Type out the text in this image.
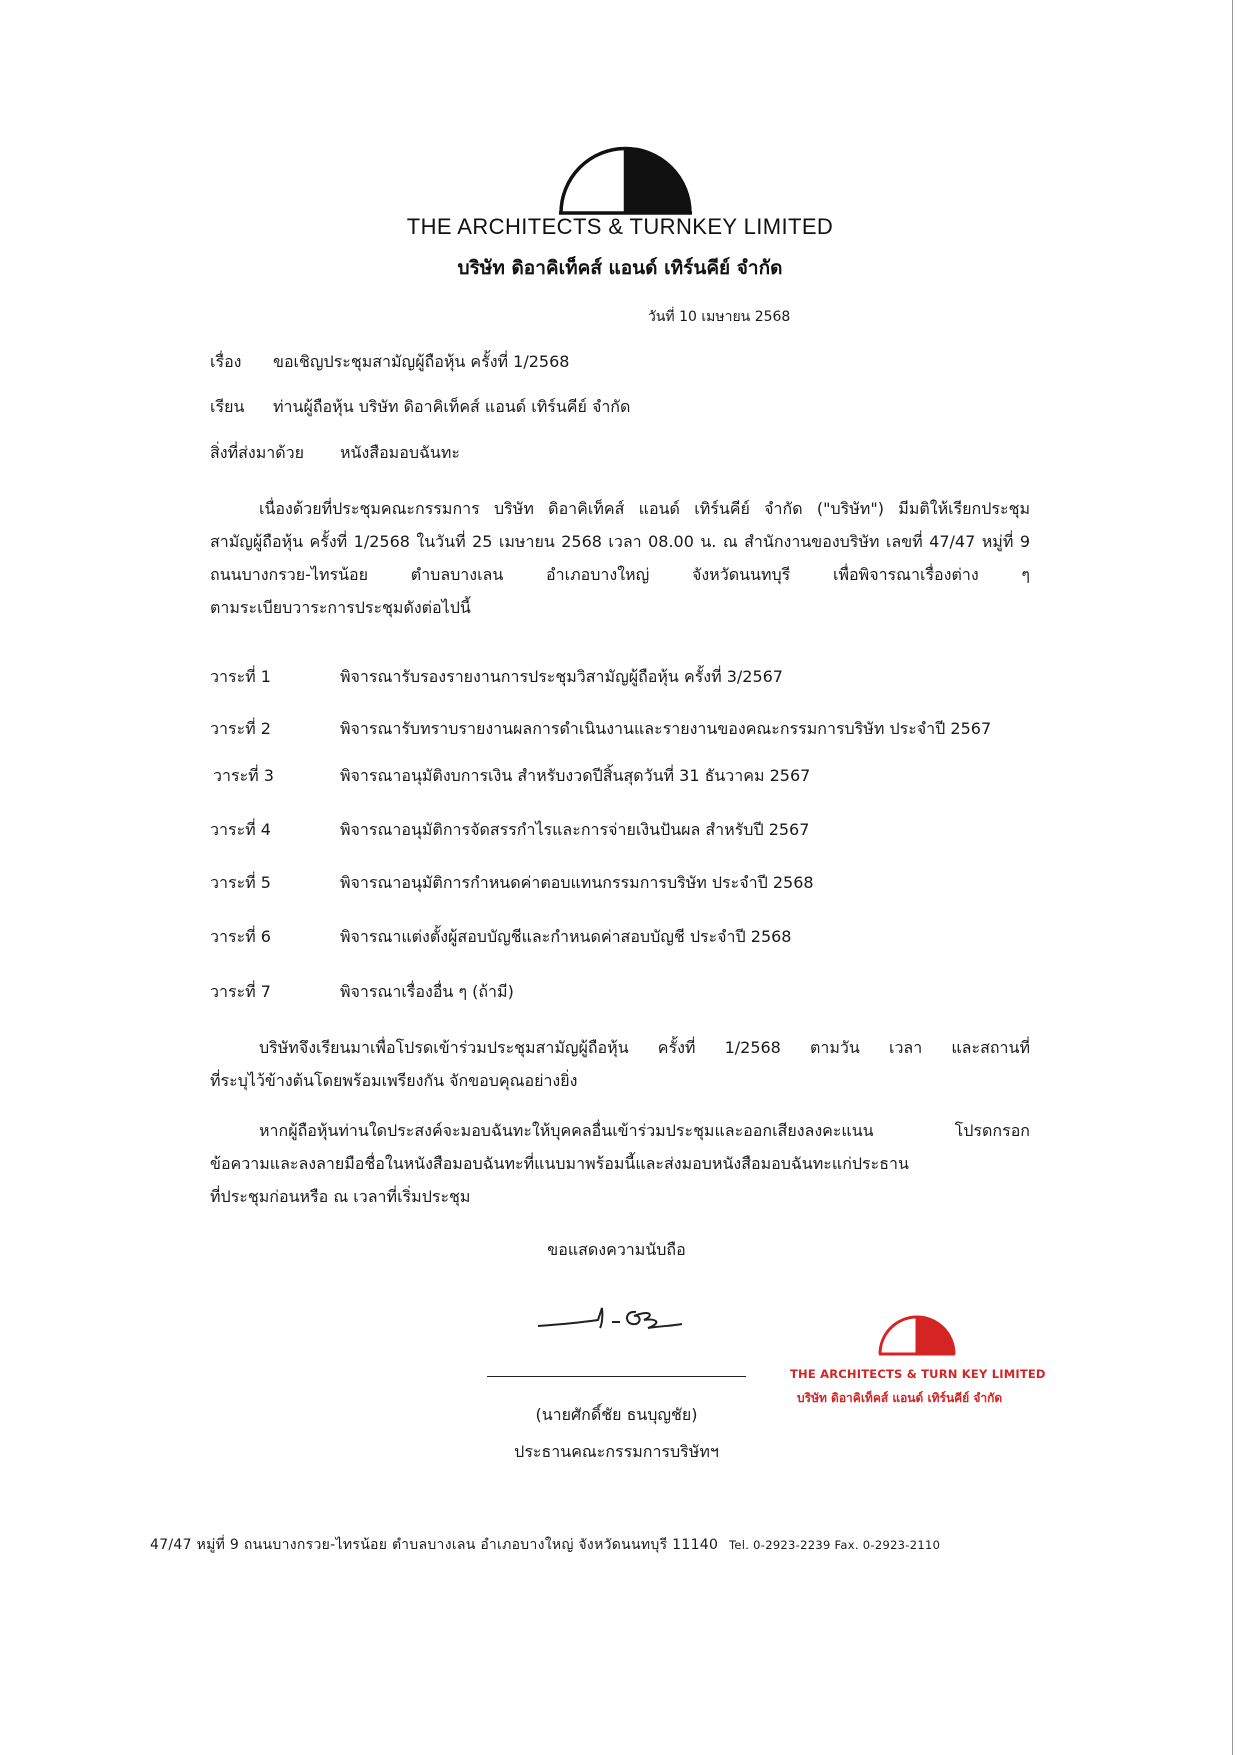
THE ARCHITECTS & TURNKEY LIMITED
บริษัท ดิอาคิเท็คส์ แอนด์ เทิร์นคีย์ จำกัด
วันที่ 10 เมษายน 2568
เรื่อง ขอเชิญประชุมสามัญผู้ถือหุ้น ครั้งที่ 1/2568
เรียน ท่านผู้ถือหุ้น บริษัท ดิอาคิเท็คส์ แอนด์ เทิร์นคีย์ จำกัด
สิ่งที่ส่งมาด้วย หนังสือมอบฉันทะ
เนื่องด้วยที่ประชุมคณะกรรมการ บริษัท ดิอาคิเท็คส์ แอนด์ เทิร์นคีย์ จำกัด ("บริษัท") มีมติให้เรียกประชุม
สามัญผู้ถือหุ้น ครั้งที่ 1/2568 ในวันที่ 25 เมษายน 2568 เวลา 08.00 น. ณ สำนักงานของบริษัท เลขที่ 47/47 หมู่ที่ 9
ถนนบางกรวย-ไทรน้อย ตำบลบางเลน อำเภอบางใหญ่ จังหวัดนนทบุรี เพื่อพิจารณาเรื่องต่าง ๆ
ตามระเบียบวาระการประชุมดังต่อไปนี้
วาระที่ 1	พิจารณารับรองรายงานการประชุมวิสามัญผู้ถือหุ้น ครั้งที่ 3/2567
วาระที่ 2	พิจารณารับทราบรายงานผลการดำเนินงานและรายงานของคณะกรรมการบริษัท ประจำปี 2567
วาระที่ 3	พิจารณาอนุมัติงบการเงิน สำหรับงวดปีสิ้นสุดวันที่ 31 ธันวาคม 2567
วาระที่ 4	พิจารณาอนุมัติการจัดสรรกำไรและการจ่ายเงินปันผล สำหรับปี 2567
วาระที่ 5	พิจารณาอนุมัติการกำหนดค่าตอบแทนกรรมการบริษัท ประจำปี 2568
วาระที่ 6	พิจารณาแต่งตั้งผู้สอบบัญชีและกำหนดค่าสอบบัญชี ประจำปี 2568
วาระที่ 7	พิจารณาเรื่องอื่น ๆ (ถ้ามี)
บริษัทจึงเรียนมาเพื่อโปรดเข้าร่วมประชุมสามัญผู้ถือหุ้น ครั้งที่ 1/2568 ตามวัน เวลา และสถานที่
ที่ระบุไว้ข้างต้นโดยพร้อมเพรียงกัน จักขอบคุณอย่างยิ่ง
หากผู้ถือหุ้นท่านใดประสงค์จะมอบฉันทะให้บุคคลอื่นเข้าร่วมประชุมและออกเสียงลงคะแนน โปรดกรอก
ข้อความและลงลายมือชื่อในหนังสือมอบฉันทะที่แนบมาพร้อมนี้และส่งมอบหนังสือมอบฉันทะแก่ประธาน
ที่ประชุมก่อนหรือ ณ เวลาที่เริ่มประชุม
ขอแสดงความนับถือ
THE ARCHITECTS & TURN KEY LIMITED
บริษัท ดิอาคิเท็คส์ แอนด์ เทิร์นคีย์ จำกัด
(นายศักดิ์ชัย ธนบุญชัย)
ประธานคณะกรรมการบริษัทฯ
47/47 หมู่ที่ 9 ถนนบางกรวย-ไทรน้อย ตำบลบางเลน อำเภอบางใหญ่ จังหวัดนนทบุรี 11140 Tel. 0-2923-2239 Fax. 0-2923-2110
